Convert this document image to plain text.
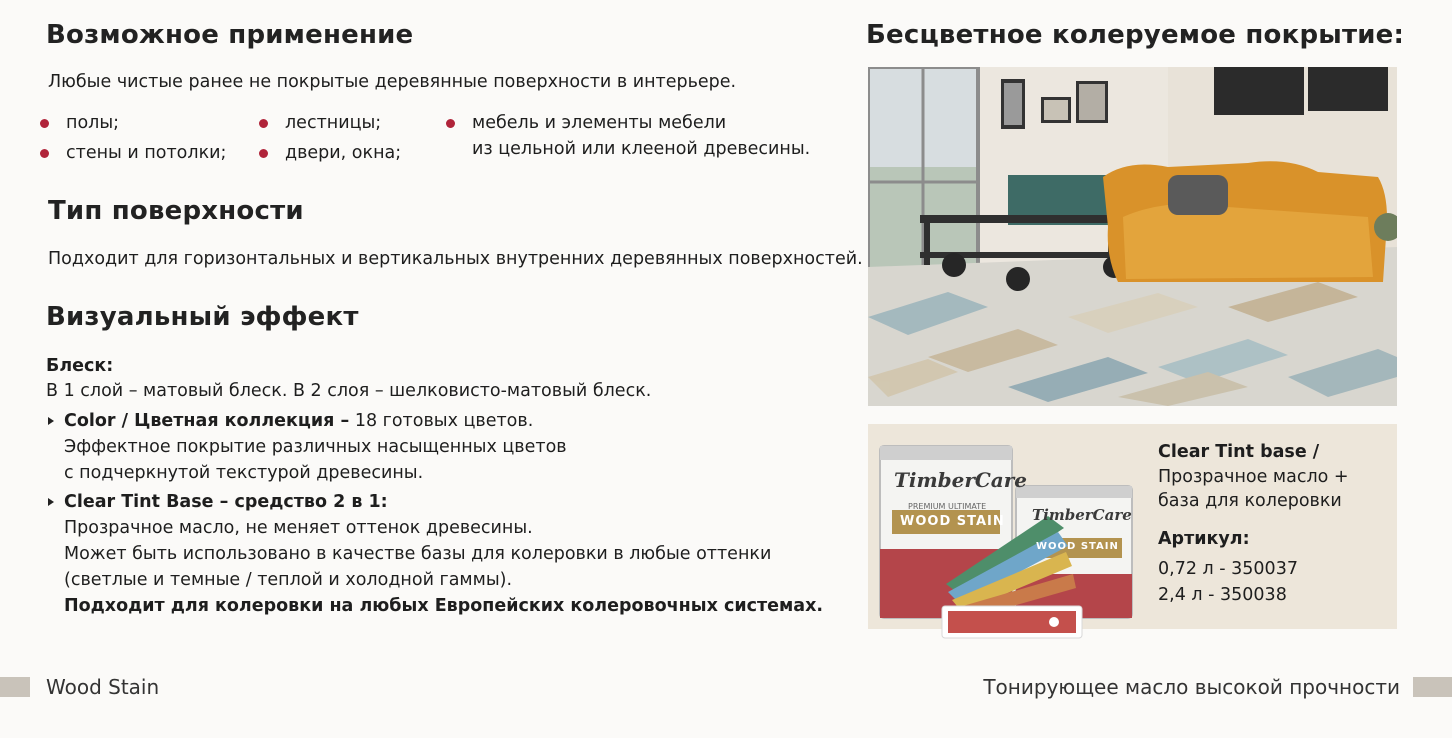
Возможное применение
Любые чистые ранее не покрытые деревянные поверхности в интерьере.
полы;
стены и потолки;
лестницы;
двери, окна;
мебель и элементы мебели
из цельной или клееной древесины.
Тип поверхности
Подходит для горизонтальных и вертикальных внутренних деревянных поверхностей.
Визуальный эффект
Блеск:
В 1 слой – матовый блеск. В 2 слоя – шелковисто-матовый блеск.
Color / Цветная коллекция – 18 готовых цветов.
Эффектное покрытие различных насыщенных цветов
с подчеркнутой текстурой древесины.
Clear Tint Base – средство 2 в 1:
Прозрачное масло, не меняет оттенок древесины.
Может быть использовано в качестве базы для колеровки в любые оттенки
(светлые и темные / теплой и холодной гаммы).
Подходит для колеровки на любых Европейских колеровочных системах.
Бесцветное колеруемое покрытие:
TimberCare
PREMIUM ULTIMATE
WOOD STAIN TimberCare
WOOD STAIN
Clear Tint base /
Прозрачное масло +
база для колеровки
Артикул:
0,72 л - 350037
2,4 л - 350038
Wood Stain	Тонирующее масло высокой прочности
